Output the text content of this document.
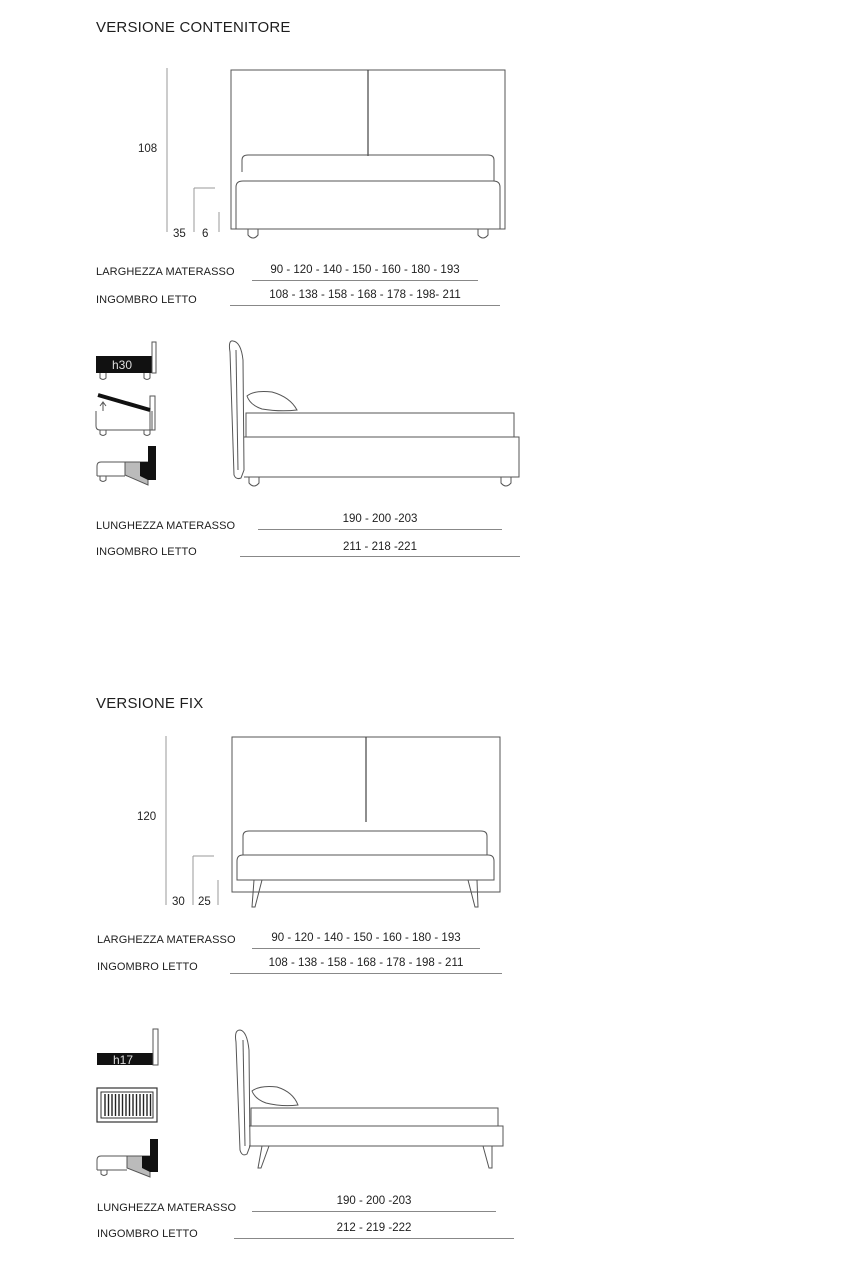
VERSIONE CONTENITORE
108
35 6
LARGHEZZA MATERASSO	90 - 120 - 140 - 150 - 160 - 180 - 193
INGOMBRO LETTO	108 - 138 - 158 - 168 - 178 - 198- 211
h30
LUNGHEZZA MATERASSO
190 - 200 -203
INGOMBRO LETTO	211 - 218 -221
VERSIONE FIX
120
30 25
LARGHEZZA MATERASSO	90 - 120 - 140 - 150 - 160 - 180 - 193
INGOMBRO LETTO	108 - 138 - 158 - 168 - 178 - 198 - 211
h17
LUNGHEZZA MATERASSO
190 - 200 -203
INGOMBRO LETTO	212 - 219 -222
